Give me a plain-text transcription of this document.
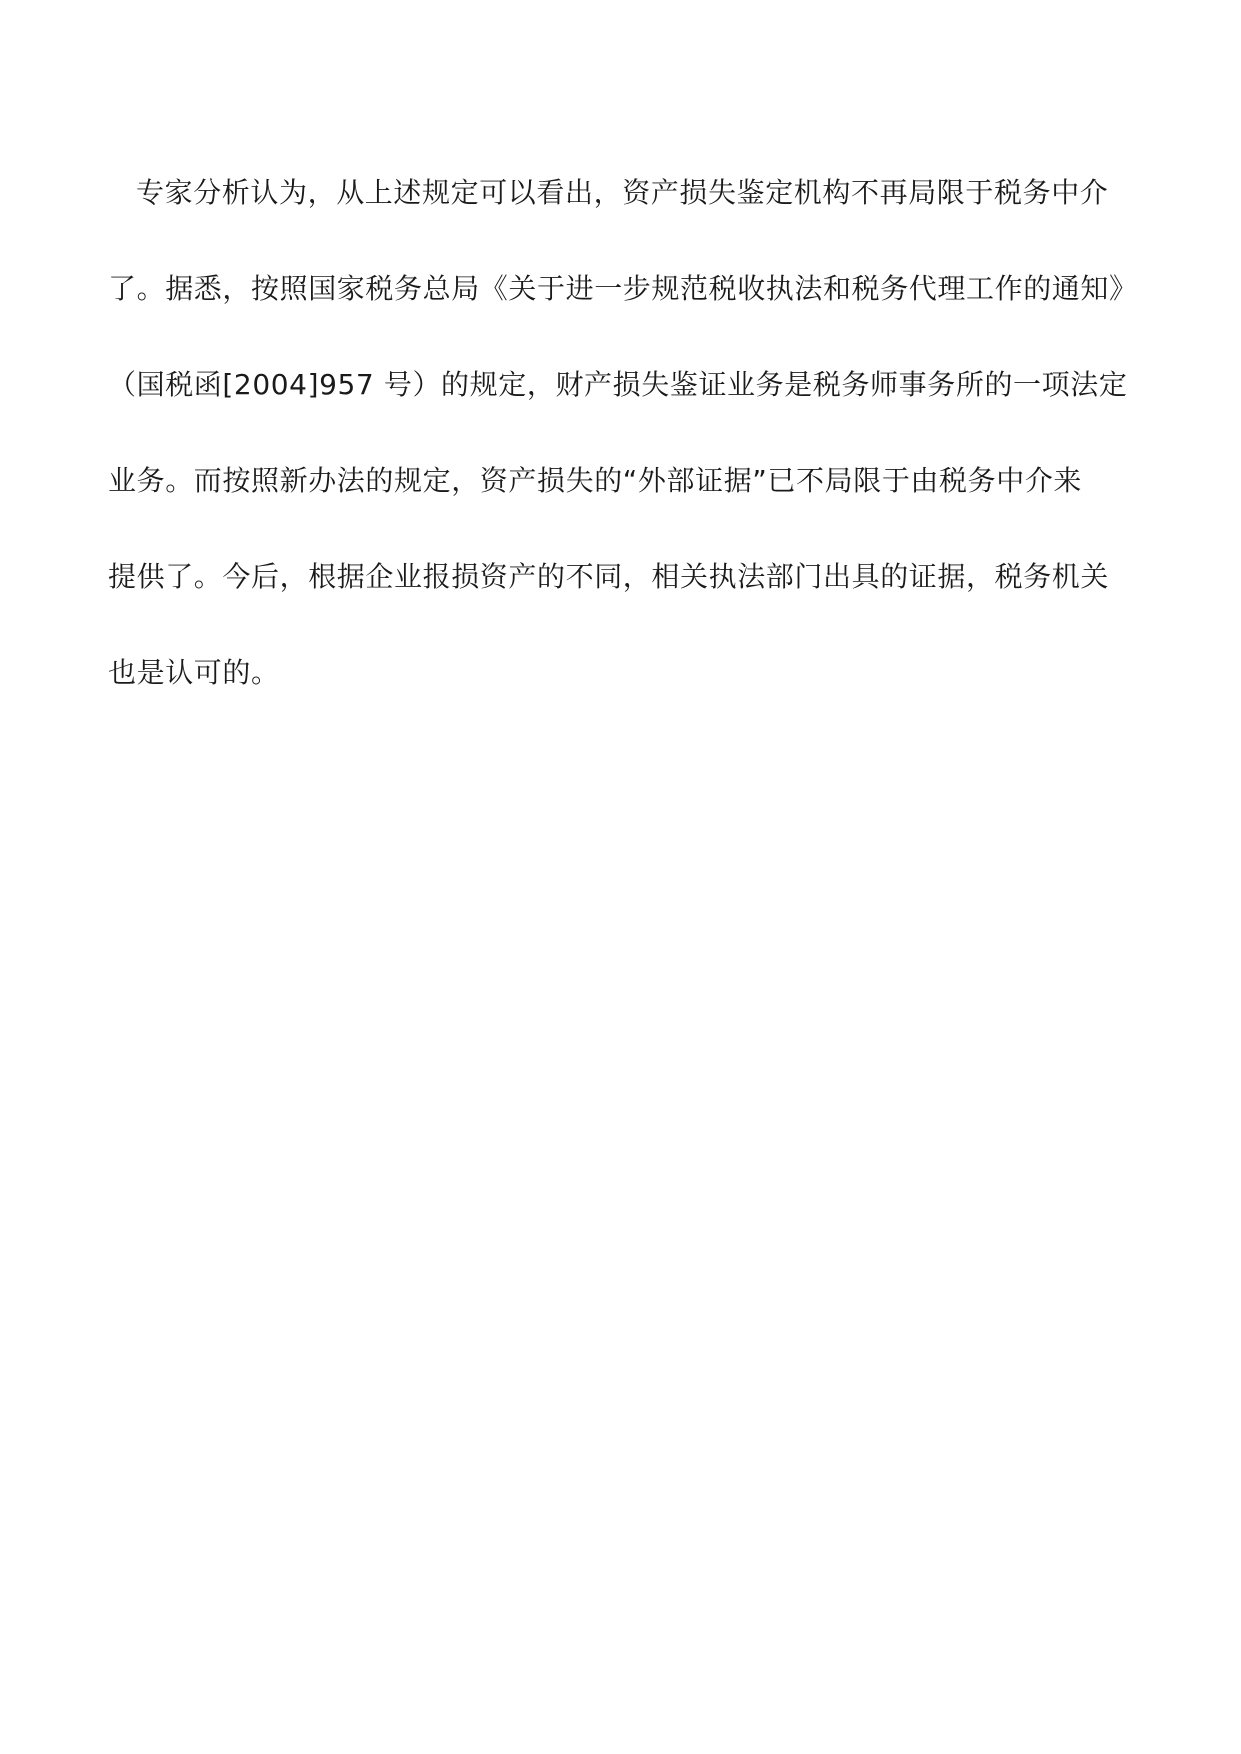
专家分析认为，从上述规定可以看出，资产损失鉴定机构不再局限于税务中介
了。据悉，按照国家税务总局《关于进一步规范税收执法和税务代理工作的通知》
（国税函[2004]957 号）的规定，财产损失鉴证业务是税务师事务所的一项法定
业务。而按照新办法的规定，资产损失的“外部证据”已不局限于由税务中介来
提供了。今后，根据企业报损资产的不同，相关执法部门出具的证据，税务机关
也是认可的。
